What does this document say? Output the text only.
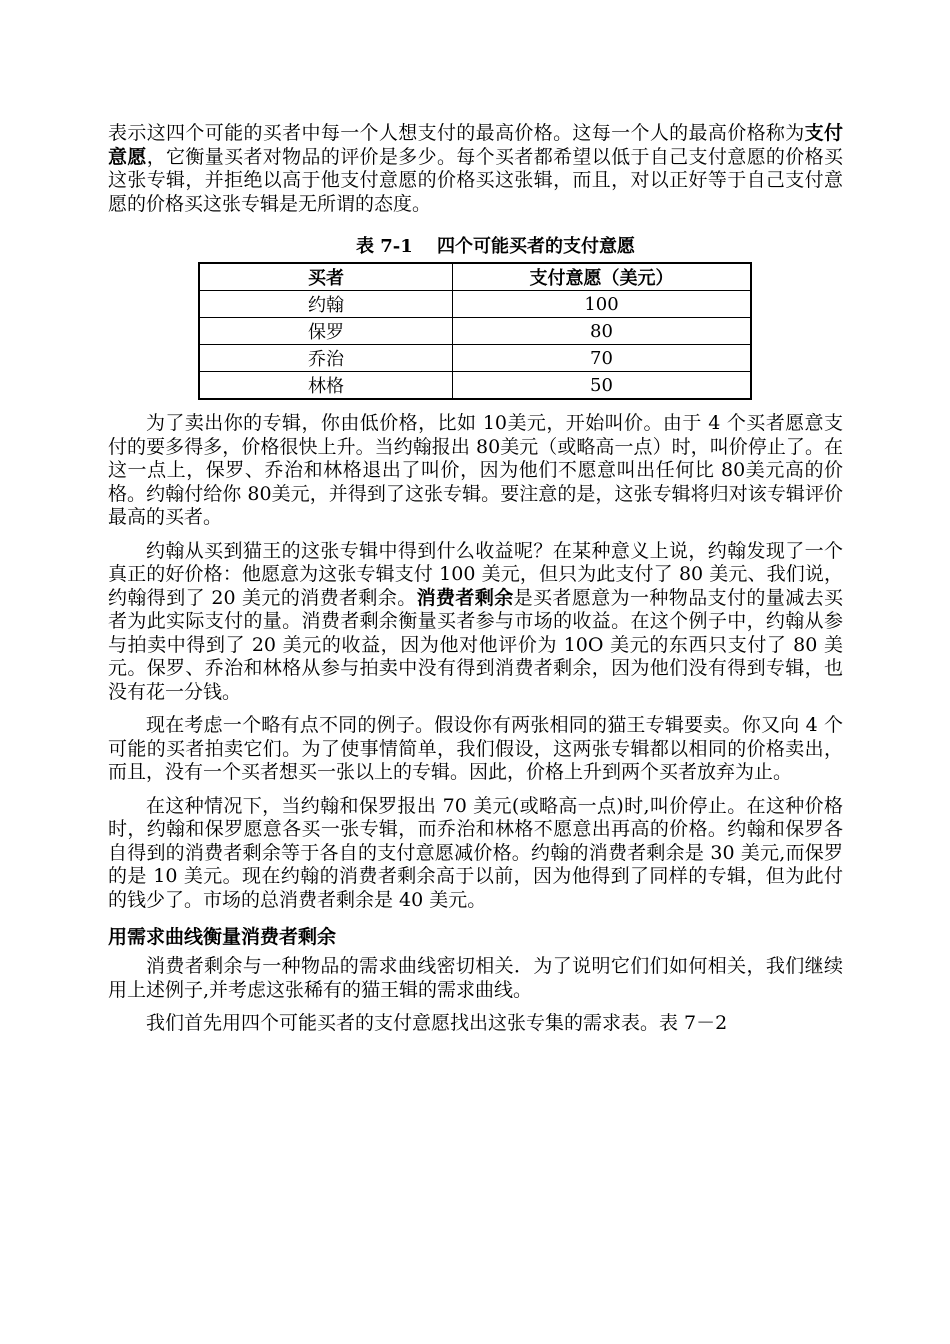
表示这四个可能的买者中每一个人想支付的最高价格。这每一个人的最高价格称为支付意愿，它衡量买者对物品的评价是多少。每个买者都希望以低于自己支付意愿的价格买这张专辑，并拒绝以高于他支付意愿的价格买这张辑，而且，对以正好等于自己支付意愿的价格买这张专辑是无所谓的态度。

表 7-1　 四个可能买者的支付意愿
买者	支付意愿（美元）
约翰	100
保罗	80
乔治	70
林格	50

为了卖出你的专辑，你由低价格，比如 10美元，开始叫价。由于 4 个买者愿意支付的要多得多，价格很快上升。当约翰报出 80美元（或略高一点）时，叫价停止了。在这一点上，保罗、乔治和林格退出了叫价，因为他们不愿意叫出任何比 80美元高的价格。约翰付给你 80美元，并得到了这张专辑。要注意的是，这张专辑将归对该专辑评价最高的买者。

约翰从买到猫王的这张专辑中得到什么收益呢？在某种意义上说，约翰发现了一个真正的好价格：他愿意为这张专辑支付 100 美元，但只为此支付了 80 美元、我们说，约翰得到了 20 美元的消费者剩余。消费者剩余是买者愿意为一种物品支付的量减去买者为此实际支付的量。消费者剩余衡量买者参与市场的收益。在这个例子中，约翰从参与拍卖中得到了 20 美元的收益，因为他对他评价为 10O 美元的东西只支付了 80 美元。保罗、乔治和林格从参与拍卖中没有得到消费者剩余，因为他们没有得到专辑，也没有花一分钱。

现在考虑一个略有点不同的例子。假设你有两张相同的猫王专辑要卖。你又向 4 个可能的买者拍卖它们。为了使事情简单，我们假设，这两张专辑都以相同的价格卖出，而且，没有一个买者想买一张以上的专辑。因此，价格上升到两个买者放弃为止。

在这种情况下，当约翰和保罗报出 70 美元(或略高一点)时,叫价停止。在这种价格时，约翰和保罗愿意各买一张专辑，而乔治和林格不愿意出再高的价格。约翰和保罗各自得到的消费者剩余等于各自的支付意愿减价格。约翰的消费者剩余是 30 美元,而保罗的是 10 美元。现在约翰的消费者剩余高于以前，因为他得到了同样的专辑，但为此付的钱少了。市场的总消费者剩余是 40 美元。

用需求曲线衡量消费者剩余

消费者剩余与一种物品的需求曲线密切相关．为了说明它们们如何相关，我们继续用上述例子,并考虑这张稀有的猫王辑的需求曲线。

我们首先用四个可能买者的支付意愿找出这张专集的需求表。表 7－2
